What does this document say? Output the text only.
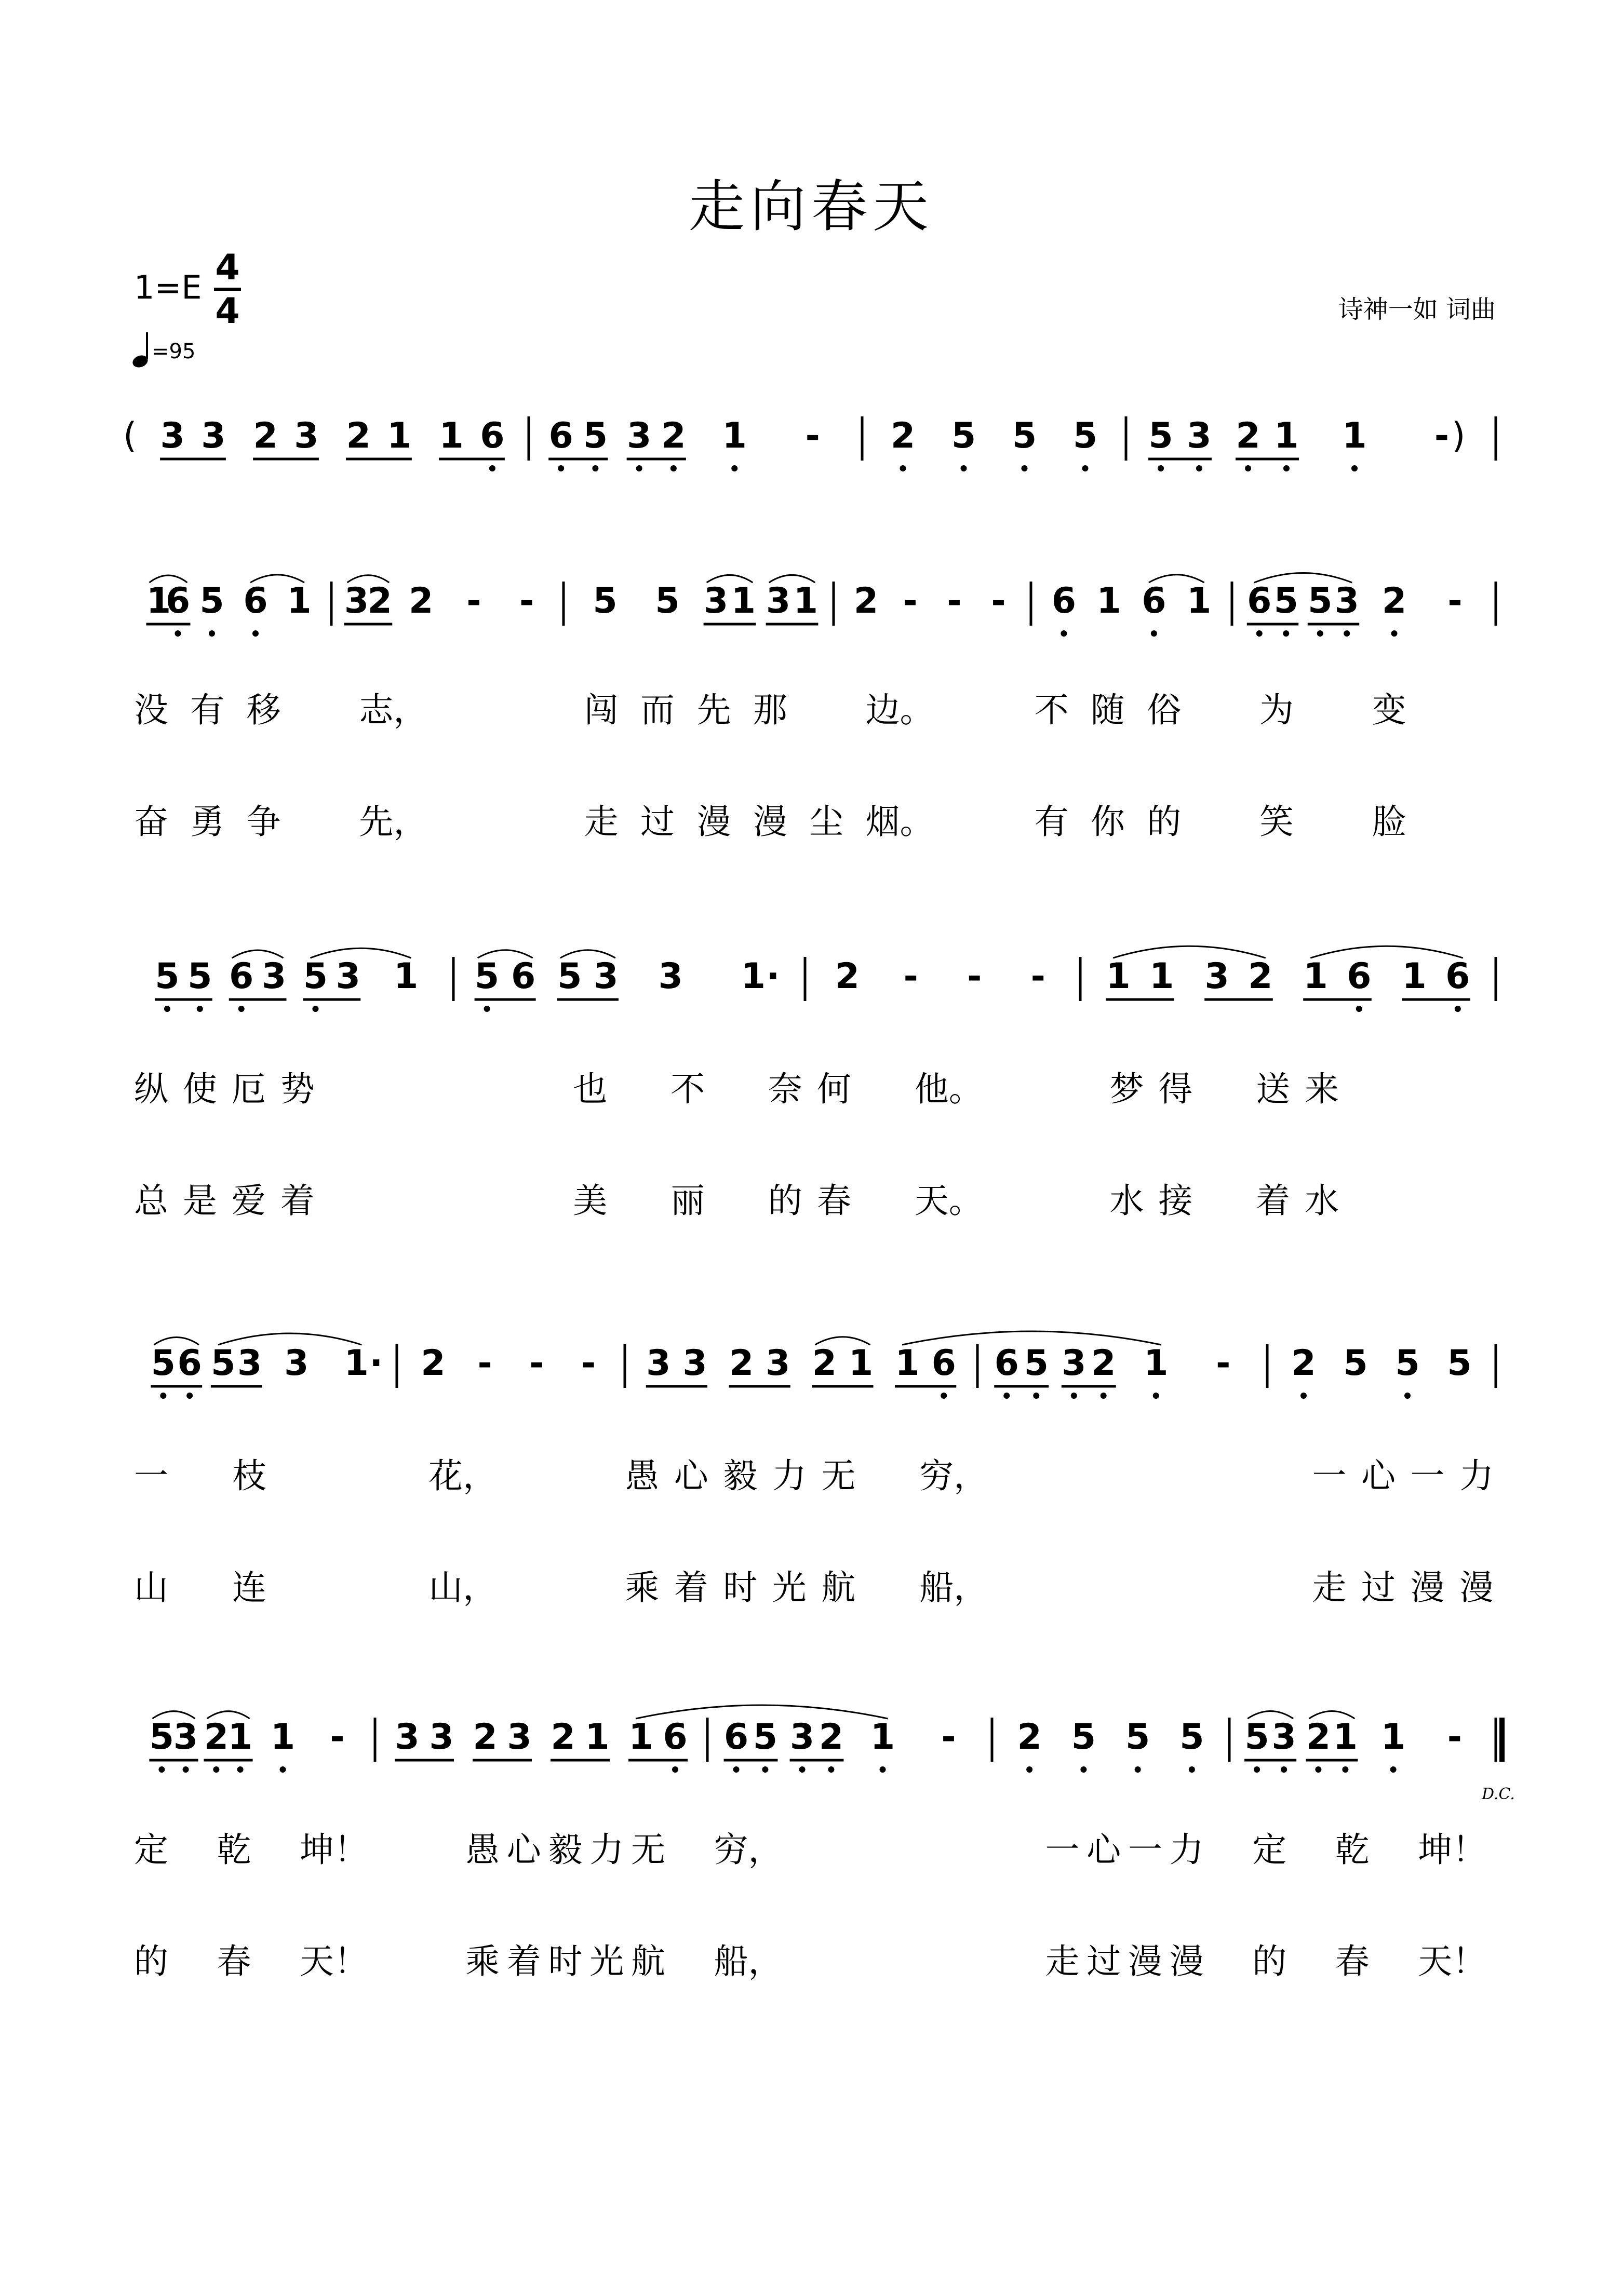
走向春天
1=E 4
4
=95
诗神一如 词曲
(	)
3 3 2 3 2 1 1 6 6 5 3 2 1 - 2 5 5 5 5 3 2 1 1 -
1
6 5 6 1 3
2 2 - - 5 5 3 1 3 1 2 - - - 6 1 6 1 6 5 5 3 2 -
5 5 6 3 5 3 1 5 6 5 3 3 1 · 2 - - - 1 1 3 2 1 6 1 6
5 6 5 3 3 1 · 2 - - - 3 3 2 3 2 1 1 6 6 5 3 2 1 - 2 5 5 5
5
3 2
1 1 - 3 3 2 3 2 1 1 6 6 5 3 2 1 - 2 5 5 5 5 3 2 1 1 -
没 有 移 志，	闯 而 先 那 边。	不 随 俗 为 变
奋 勇 争 先，	走 过 漫 漫 尘 烟。	有 你 的 笑 脸
纵 使 厄 势	也 不 奈 何 他。	梦 得 送 来
总 是 爱 着	美 丽 的 春 天。	水 接 着 水
一 枝	花，	愚 心 毅 力 无 穷，	一 心 一 力
山 连	山，	乘 着 时 光 航 船，	走 过 漫 漫
定 乾 坤！	愚 心 毅 力 无 穷，	一 心 一 力 定 乾 坤！
的 春 天！	乘 着 时 光 航 船，	走 过 漫 漫 的 春 天！
D.C.
